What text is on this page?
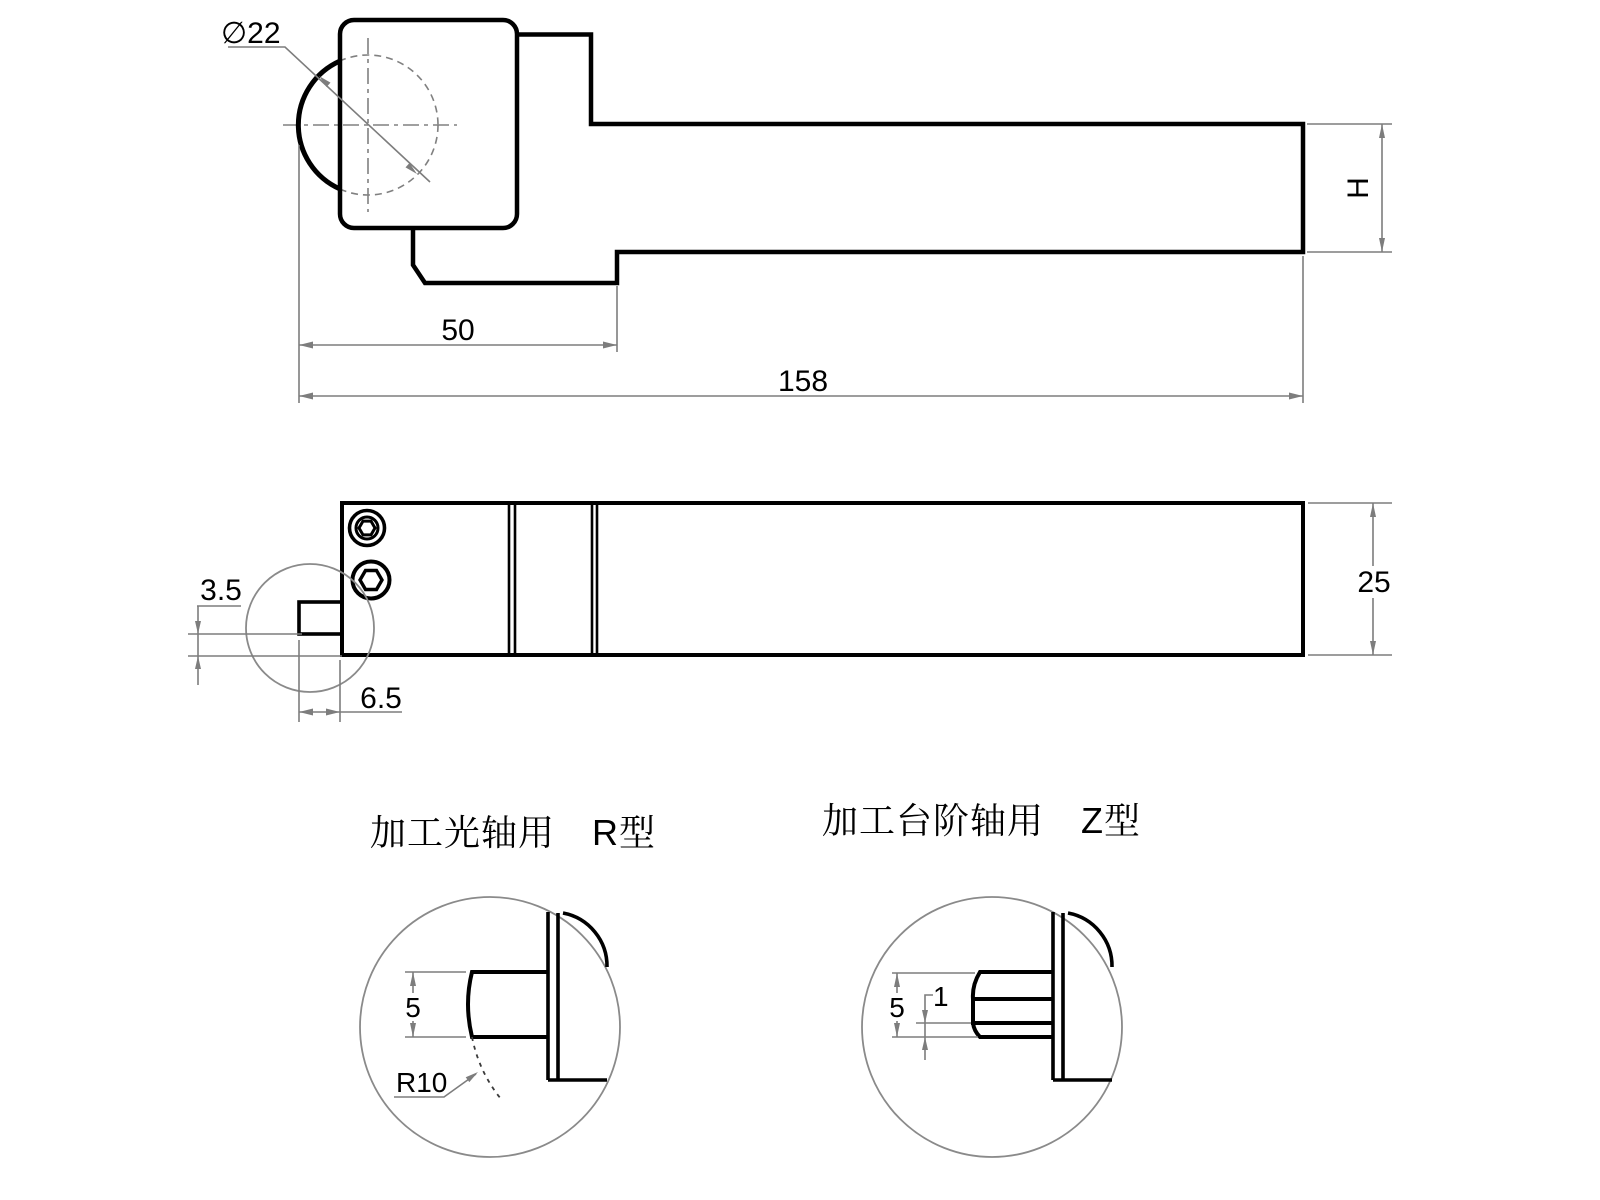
∅22
H
50
158
3.5
6.5
25
加工光轴用　R型
5
R10
加工台阶轴用　Z型
5 1
